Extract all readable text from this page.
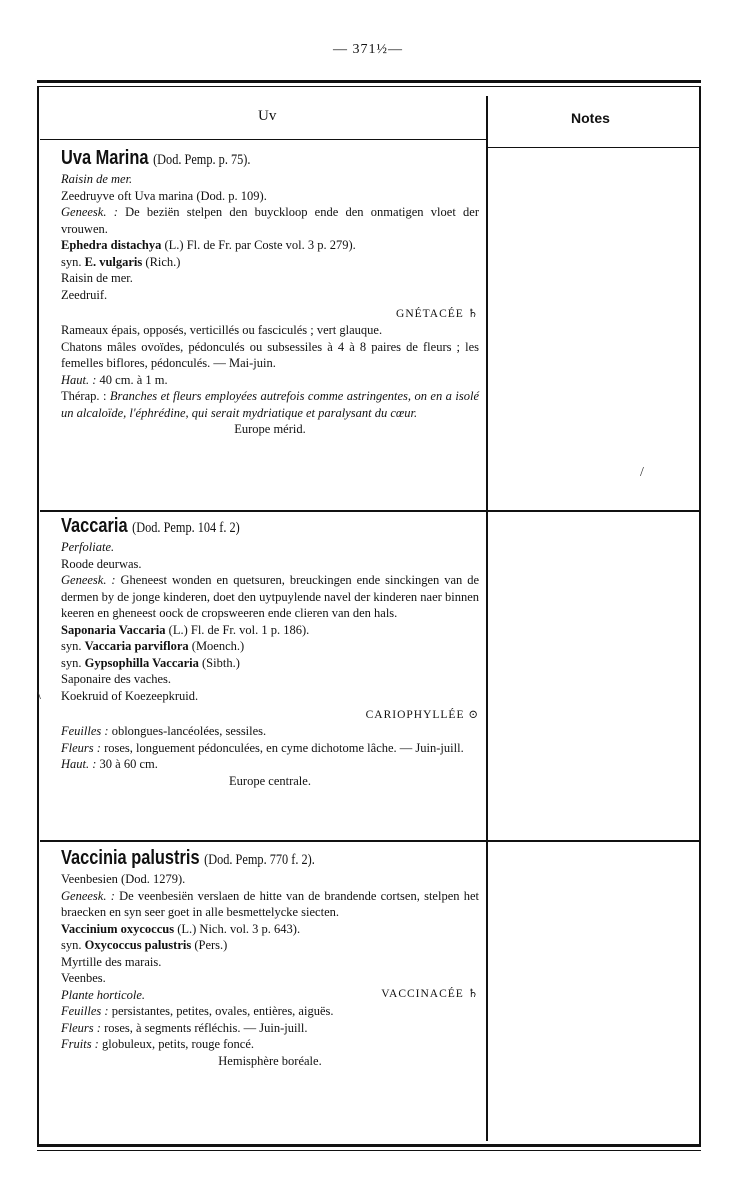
— 371½—
Uv	Notes
/
\

Uva Marina (Dod. Pemp. p. 75).

Raisin de mer.

Zeedruyve oft Uva marina (Dod. p. 109).

Geneesk. : De beziën stelpen den buyckloop ende den onmatigen vloet der vrouwen.

Ephedra distachya (L.) Fl. de Fr. par Coste vol. 3 p. 279).

syn. E. vulgaris (Rich.)

Raisin de mer.

Zeedruif.

GNÉTACÉE ♄

Rameaux épais, opposés, verticillés ou fasciculés ; vert glauque.

Chatons mâles ovoïdes, pédonculés ou subsessiles à 4 à 8 paires de fleurs ; les femelles biflores, pédonculés. — Mai-juin.

Haut. : 40 cm. à 1 m.

Thérap. : Branches et fleurs employées autrefois comme astringentes, on en a isolé un alcaloïde, l'éphrédine, qui serait mydriatique et paralysant du cœur.

Europe mérid.

Vaccaria (Dod. Pemp. 104 f. 2)

Perfoliate.

Roode deurwas.

Geneesk. : Gheneest wonden en quetsuren, breuckingen ende sinckingen van de dermen by de jonge kinderen, doet den uytpuylende navel der kinderen naer binnen keeren en gheneest oock de cropsweeren ende clieren van den hals.

Saponaria Vaccaria (L.) Fl. de Fr. vol. 1 p. 186).

syn. Vaccaria parviflora (Moench.)

syn. Gypsophilla Vaccaria (Sibth.)

Saponaire des vaches.

Koekruid of Koezeepkruid.

CARIOPHYLLÉE ⊙

Feuilles : oblongues-lancéolées, sessiles.

Fleurs : roses, longuement pédonculées, en cyme dichotome lâche. — Juin-juill.

Haut. : 30 à 60 cm.

Europe centrale.

Vaccinia palustris (Dod. Pemp. 770 f. 2).

Veenbesien (Dod. 1279).

Geneesk. : De veenbesiën verslaen de hitte van de brandende cortsen, stelpen het braecken en syn seer goet in alle besmettelycke siecten.

Vaccinium oxycoccus (L.) Nich. vol. 3 p. 643).

syn. Oxycoccus palustris (Pers.)

Myrtille des marais.

Veenbes.

Plante horticole.	VACCINACÉE ♄

Feuilles : persistantes, petites, ovales, entières, aiguës.

Fleurs : roses, à segments réfléchis. — Juin-juill.

Fruits : globuleux, petits, rouge foncé.

Hemisphère boréale.
